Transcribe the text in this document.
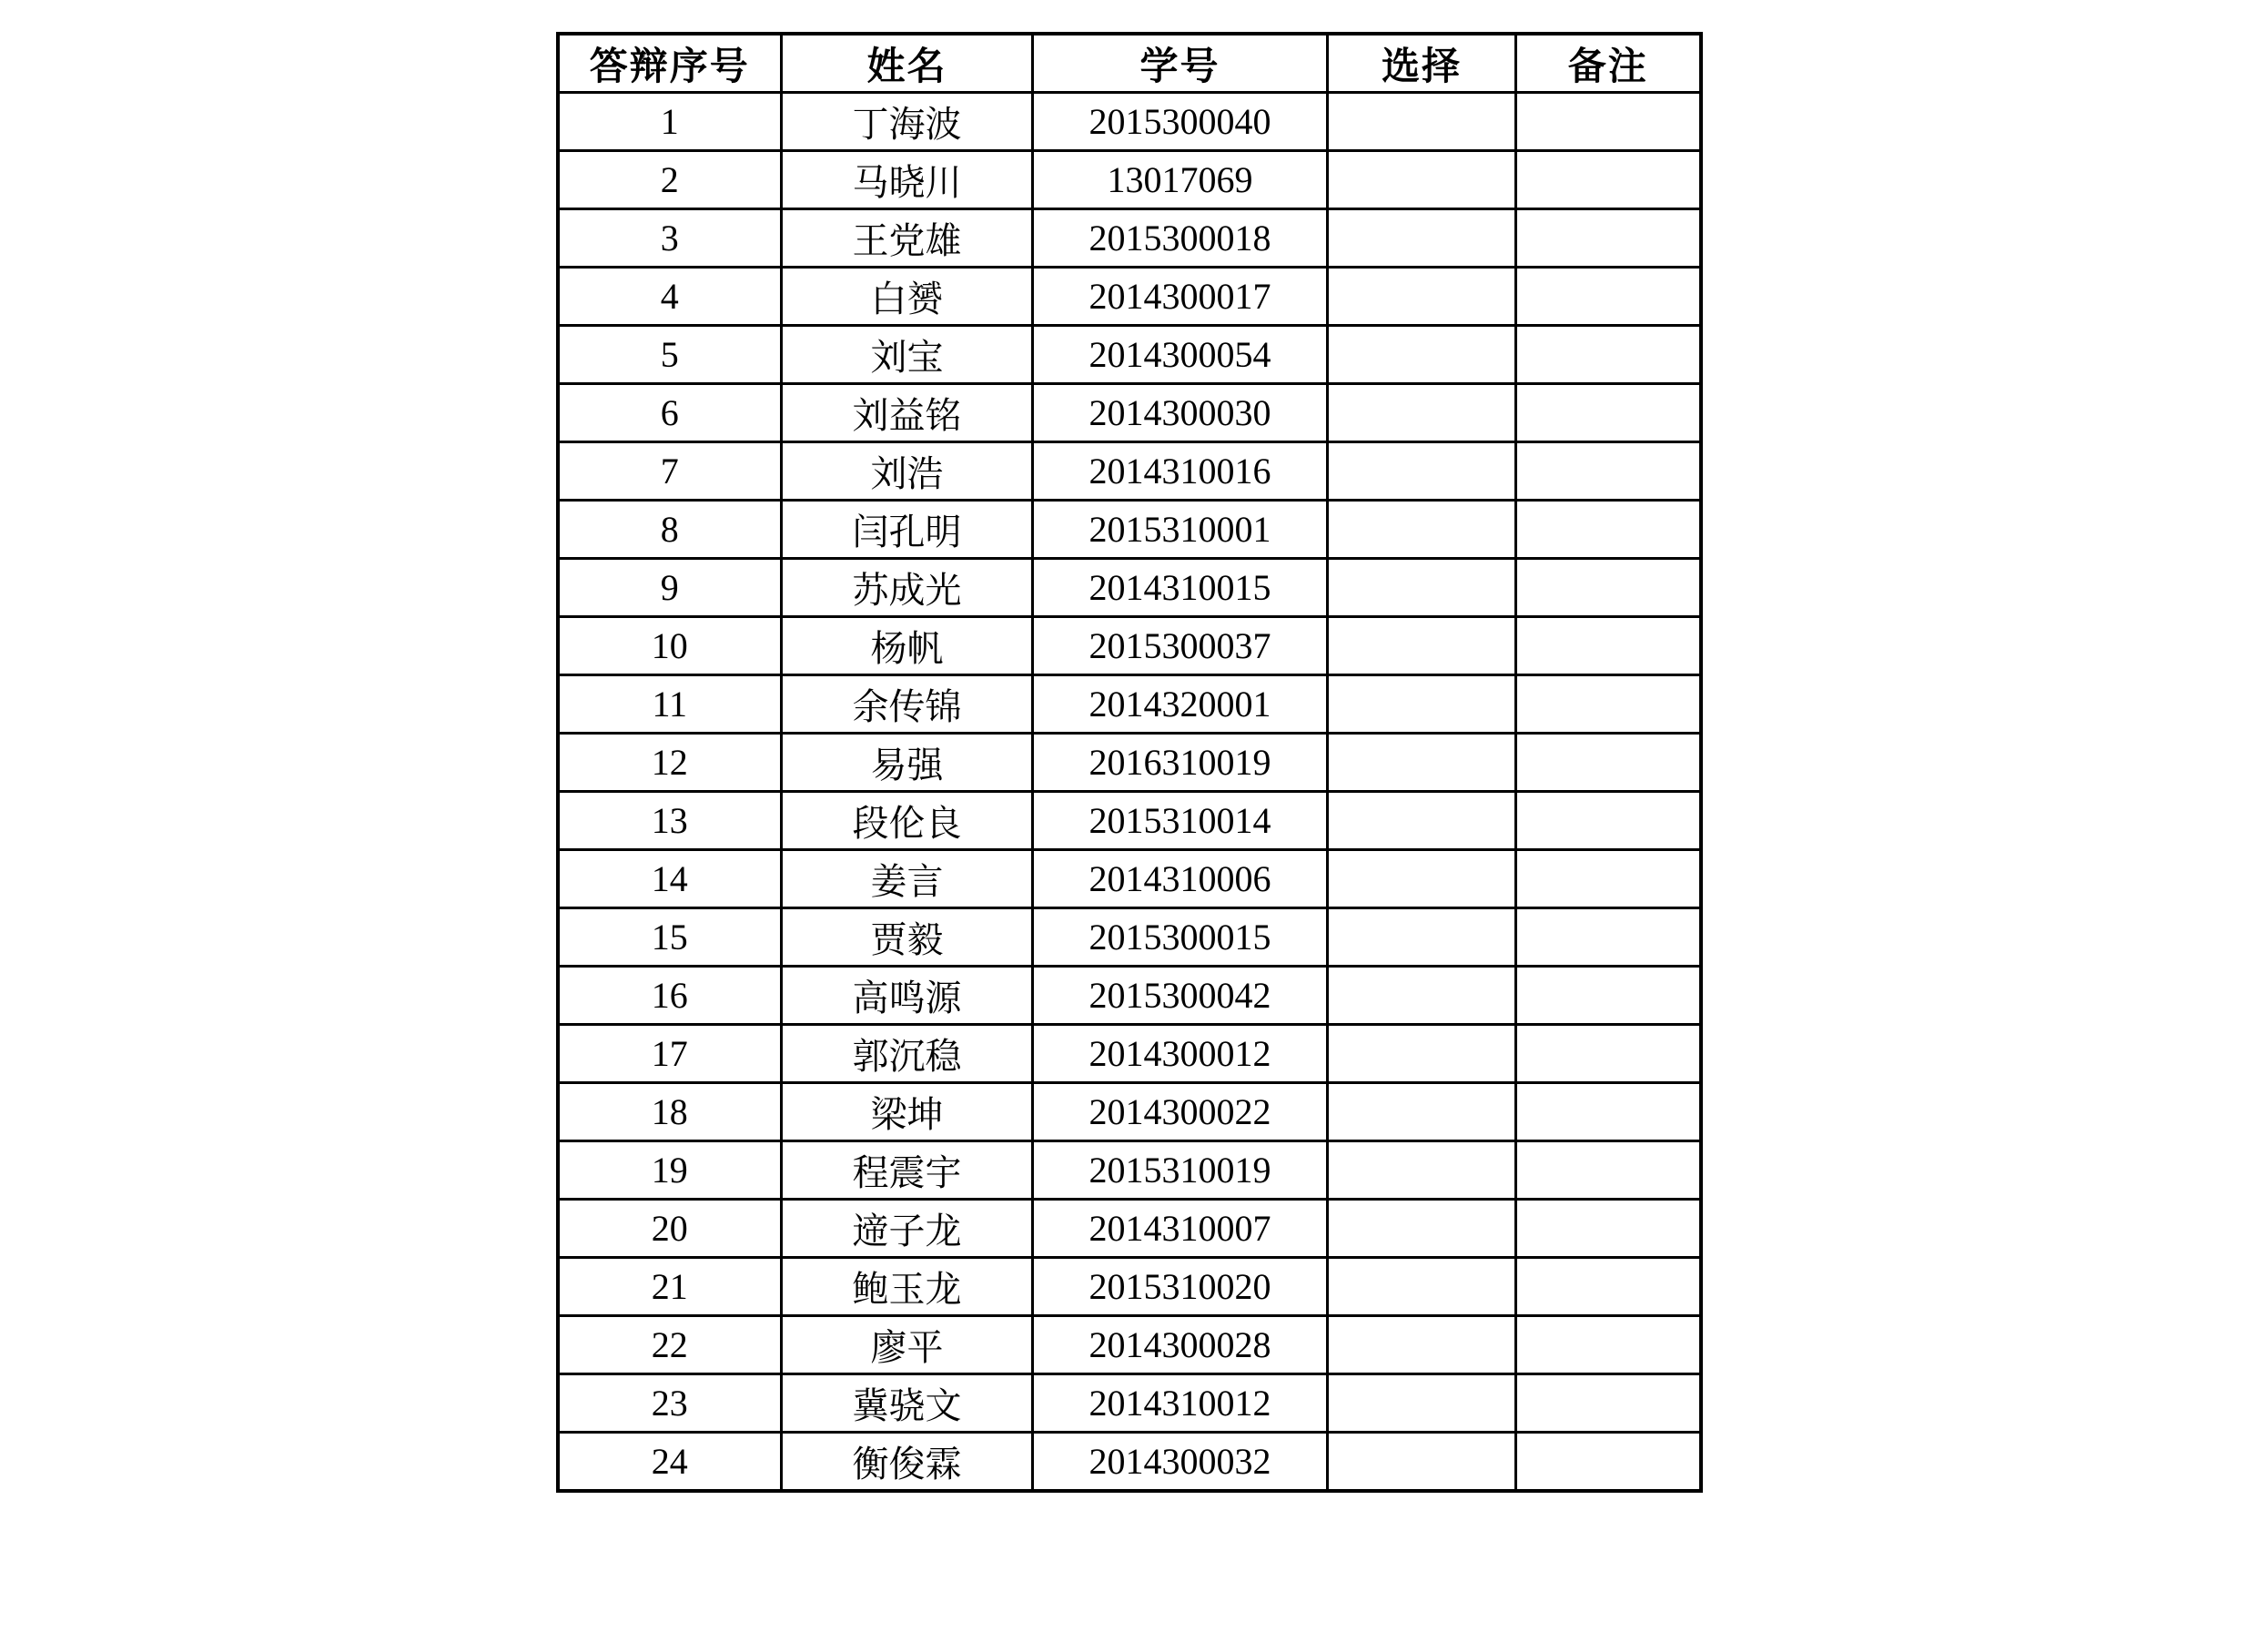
答辩序号	姓名	学号	选择	备注
1	丁海波	2015300040		
2	马晓川	13017069		
3	王党雄	2015300018		
4	白赟	2014300017		
5	刘宝	2014300054		
6	刘益铭	2014300030		
7	刘浩	2014310016		
8	闫孔明	2015310001		
9	苏成光	2014310015		
10	杨帆	2015300037		
11	余传锦	2014320001		
12	易强	2016310019		
13	段伦良	2015310014		
14	姜言	2014310006		
15	贾毅	2015300015		
16	高鸣源	2015300042		
17	郭沉稳	2014300012		
18	梁坤	2014300022		
19	程震宇	2015310019		
20	遆子龙	2014310007		
21	鲍玉龙	2015310020		
22	廖平	2014300028		
23	冀骁文	2014310012		
24	衡俊霖	2014300032		
